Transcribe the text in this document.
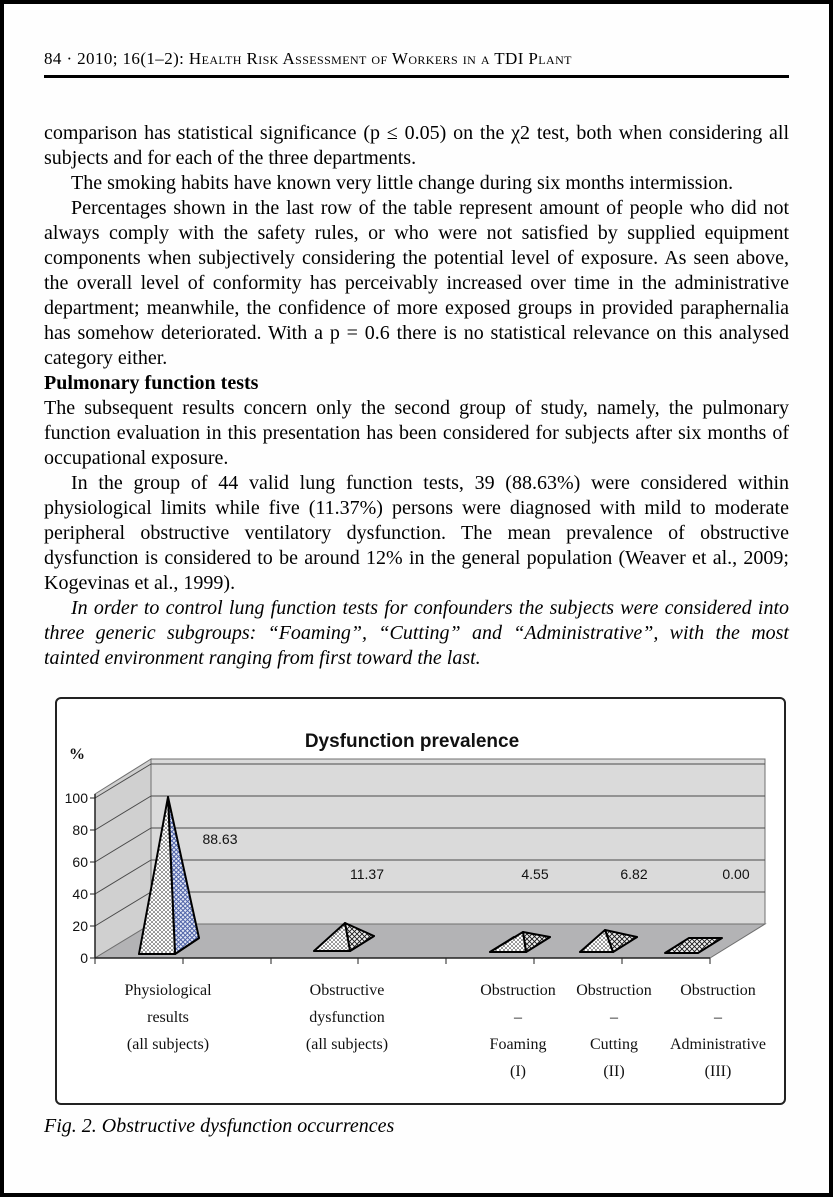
84 · 2010; 16(1–2): Health Risk Assessment of Workers in a TDI Plant

comparison has statistical significance (p ≤ 0.05) on the χ2 test, both when considering all subjects and for each of the three departments.

The smoking habits have known very little change during six months intermission.

Percentages shown in the last row of the table represent amount of people who did not always comply with the safety rules, or who were not satisfied by supplied equipment components when subjectively considering the potential level of exposure. As seen above, the overall level of conformity has perceivably increased over time in the administrative department; meanwhile, the confidence of more exposed groups in provided paraphernalia has somehow deteriorated. With a p = 0.6 there is no statistical relevance on this analysed category either.

Pulmonary function tests

The subsequent results concern only the second group of study, namely, the pulmonary function evaluation in this presentation has been considered for subjects after six months of occupational exposure.

In the group of 44 valid lung function tests, 39 (88.63%) were considered within physiological limits while five (11.37%) persons were diagnosed with mild to moderate peripheral obstructive ventilatory dysfunction. The mean prevalence of obstructive dysfunction is considered to be around 12% in the general population (Weaver et al., 2009; Kogevinas et al., 1999).

In order to control lung function tests for confounders the subjects were considered into three generic subgroups: “Foaming”, “Cutting” and “Administrative”, with the most tainted environment ranging from first toward the last.

Dysfunction prevalence
%
100
80
60
40
20
0
88.63
11.37	4.55	6.82	0.00
Physiological
results
(all subjects)
Obstructive
dysfunction
(all subjects)
Obstruction
–
Foaming
(I)
Obstruction
–
Cutting
(II)
Obstruction
–
Administrative
(III)
Fig. 2. Obstructive dysfunction occurrences
